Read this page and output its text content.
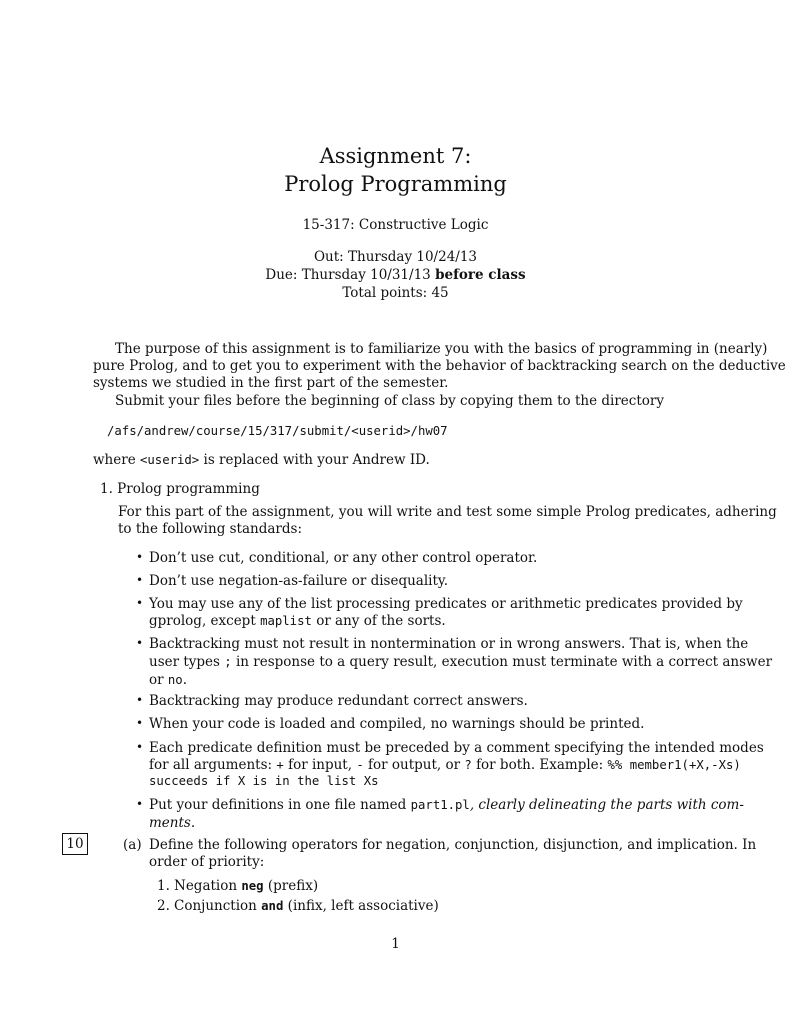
Assignment 7:
Prolog Programming
15-317: Constructive Logic
Out: Thursday 10/24/13
Due: Thursday 10/31/13 before class
Total points: 45
The purpose of this assignment is to familiarize you with the basics of programming in (nearly)
pure Prolog, and to get you to experiment with the behavior of backtracking search on the deductive
systems we studied in the first part of the semester.
Submit your files before the beginning of class by copying them to the directory
/afs/andrew/course/15/317/submit/<userid>/hw07
where <userid> is replaced with your Andrew ID.
1. Prolog programming
For this part of the assignment, you will write and test some simple Prolog predicates, adhering
to the following standards:
• Don’t use cut, conditional, or any other control operator.
• Don’t use negation-as-failure or disequality.
• You may use any of the list processing predicates or arithmetic predicates provided by
gprolog, except maplist or any of the sorts.
• Backtracking must not result in nontermination or in wrong answers. That is, when the
user types ; in response to a query result, execution must terminate with a correct answer
or no.
• Backtracking may produce redundant correct answers.
• When your code is loaded and compiled, no warnings should be printed.
• Each predicate definition must be preceded by a comment specifying the intended modes
for all arguments: + for input, - for output, or ? for both. Example: %% member1(+X,-Xs)
succeeds if X is in the list Xs
• Put your definitions in one file named part1.pl, clearly delineating the parts with com-
ments.
10	(a) Define the following operators for negation, conjunction, disjunction, and implication. In
order of priority:
1. Negation neg (prefix)
2. Conjunction and (infix, left associative)
1
